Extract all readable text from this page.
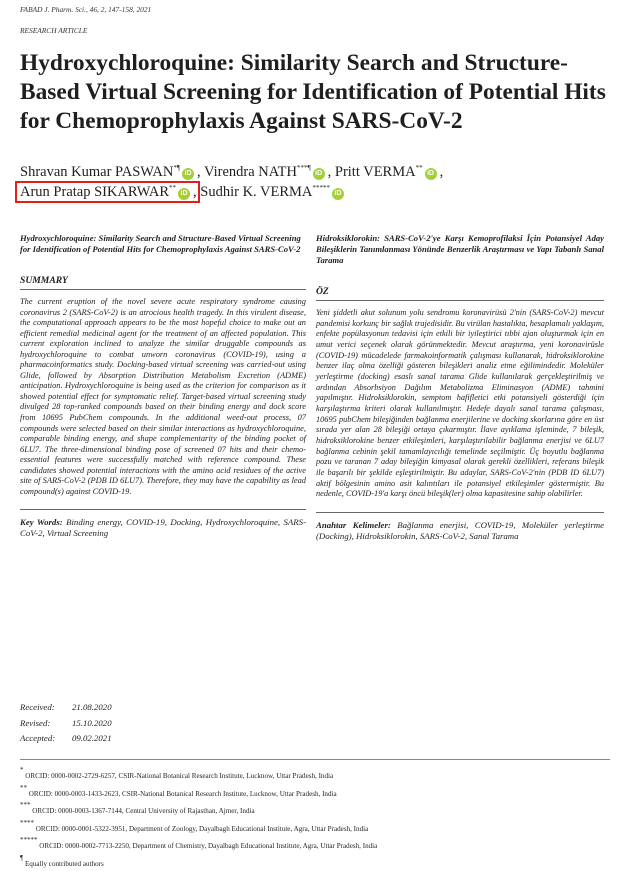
FABAD J. Pharm. Sci., 46, 2, 147-158, 2021
RESEARCH ARTICLE
Hydroxychloroquine: Similarity Search and Structure-Based Virtual Screening for Identification of Potential Hits for Chemoprophylaxis Against SARS-CoV-2
Shravan Kumar PASWAN*¶iD , Virendra NATH***¶iD , Pritt VERMA**iD ,
Arun Pratap SIKARWAR**iD , Sudhir K. VERMA*****iD

Hydroxychloroquine: Similarity Search and Structure-Based Virtual Screening for Identification of Potential Hits for Chemoprophylaxis Against SARS-CoV-2

SUMMARY

The current eruption of the novel severe acute respiratory syndrome causing coronavirus 2 (SARS-CoV-2) is an atrocious health tragedy. In this virulent disease, the computational approach appears to be the most hopeful choice to make out an efficient remedial medicinal agent for the treatment of an affected population. This current exploration inclined to analyze the similar druggable compounds as hydroxychloroquine to combat unworn coronavirus (COVID-19), using a pharmacoinformatics study. Docking-based virtual screening was carried-out using Glide, followed by Absorption Distribution Metabolism Excretion (ADME) anticipation. Hydroxychloroquine is being used as the criterion for comparison as it showed potential effect for symptomatic relief. Target-based virtual screening study divulged 28 top-ranked compounds based on their binding energy and dock score from 10695 PubChem compounds. In the additional weed-out process, 07 compounds were selected based on their similar interactions as hydroxychloroquine, comparable binding energy, and shape complementarity of the binding pocket of 6LU7. The three-dimensional binding pose of screened 07 hits and their chemo-essential features were successfully matched with reference compound. These candidates showed potential interactions with the amino acid residues of the active site of SARS-CoV-2 (PDB ID 6LU7). Therefore, they may have the capability as lead compound(s) against COVID-19.

Key Words: Binding energy, COVID-19, Docking, Hydroxychloroquine, SARS-CoV-2, Virtual Screening

Hidroksiklorokin: SARS-CoV-2'ye Karşı Kemoprofilaksi İçin Potansiyel Aday Bileşiklerin Tanımlanması Yönünde Benzerlik Araştırması ve Yapı Tabanlı Sanal Tarama

ÖZ

Yeni şiddetli akut solunum yolu sendromu koronavirüsü 2'nin (SARS-CoV-2) mevcut pandemisi korkunç bir sağlık trajedisidir. Bu virülan hastalıkta, hesaplamalı yaklaşım, enfekte popülasyonun tedavisi için etkili bir iyileştirici tıbbi ajan oluşturmak için en umut verici seçenek olarak görünmektedir. Mevcut araştırma, yeni koronavirüsle (COVID-19) mücadelede farmakoinformatik çalışması kullanarak, hidroksiklorokine benzer ilaç olma özelliği gösteren bileşikleri analiz etme eğilimindedir. Moleküler yerleştirme (docking) esaslı sanal tarama Glide kullanılarak gerçekleştirilmiş ve ardından Absorbsiyon Dağılım Metabolizma Eliminasyon (ADME) tahmini yapılmıştır. Hidroksiklorokin, semptom hafifletici etki potansiyeli gösterdiği için karşılaştırma kriteri olarak kullanılmıştır. Hedefe dayalı sanal tarama çalışması, 10695 pubChem bileşiğinden bağlanma enerjilerine ve docking skorlarına göre en üst sırada yer alan 28 bileşiği ortaya çıkarmıştır. İlave ayıklama işleminde, 7 bileşik, hidroksiklorokine benzer etkileşimleri, karşılaştırılabilir bağlanma enerjisi ve 6LU7 bağlanma cebinin şekil tamamlayıcılığı temelinde seçilmiştir. Üç boyutlu bağlanma pozu ve taranan 7 aday bileşiğin kimyasal olarak gerekli özellikleri, referans bileşik ile başarılı bir şekilde eşleştirilmiştir. Bu adaylar, SARS-CoV-2'nin (PDB ID 6LU7) aktif bölgesinin amino asit kalıntıları ile potansiyel etkileşimler göstermiştir. Bu nedenle, COVID-19'a karşı öncü bileşik(ler) olma kapasitesine sahip olabilirler.

Anahtar Kelimeler: Bağlanma enerjisi, COVID-19, Moleküler yerleştirme (Docking), Hidroksiklorokin, SARS-CoV-2, Sanal Tarama

Received: 21.08.2020
Revised: 15.10.2020
Accepted: 09.02.2021
* ORCID: 0000-0002-2729-6257, CSIR-National Botanical Research Institute, Lucknow, Uttar Pradesh, India
** ORCID: 0000-0003-1433-2623, CSIR-National Botanical Research Institute, Lucknow, Uttar Pradesh, India
*** ORCID: 0000-0003-1367-7144, Central University of Rajasthan, Ajmer, India
**** ORCID: 0000-0001-5322-3951, Department of Zoology, Dayalbagh Educational Institute, Agra, Uttar Pradesh, India
***** ORCID: 0000-0002-7713-2250, Department of Chemistry, Dayalbagh Educational Institute, Agra, Uttar Pradesh, India
¶ Equally contributed authors
